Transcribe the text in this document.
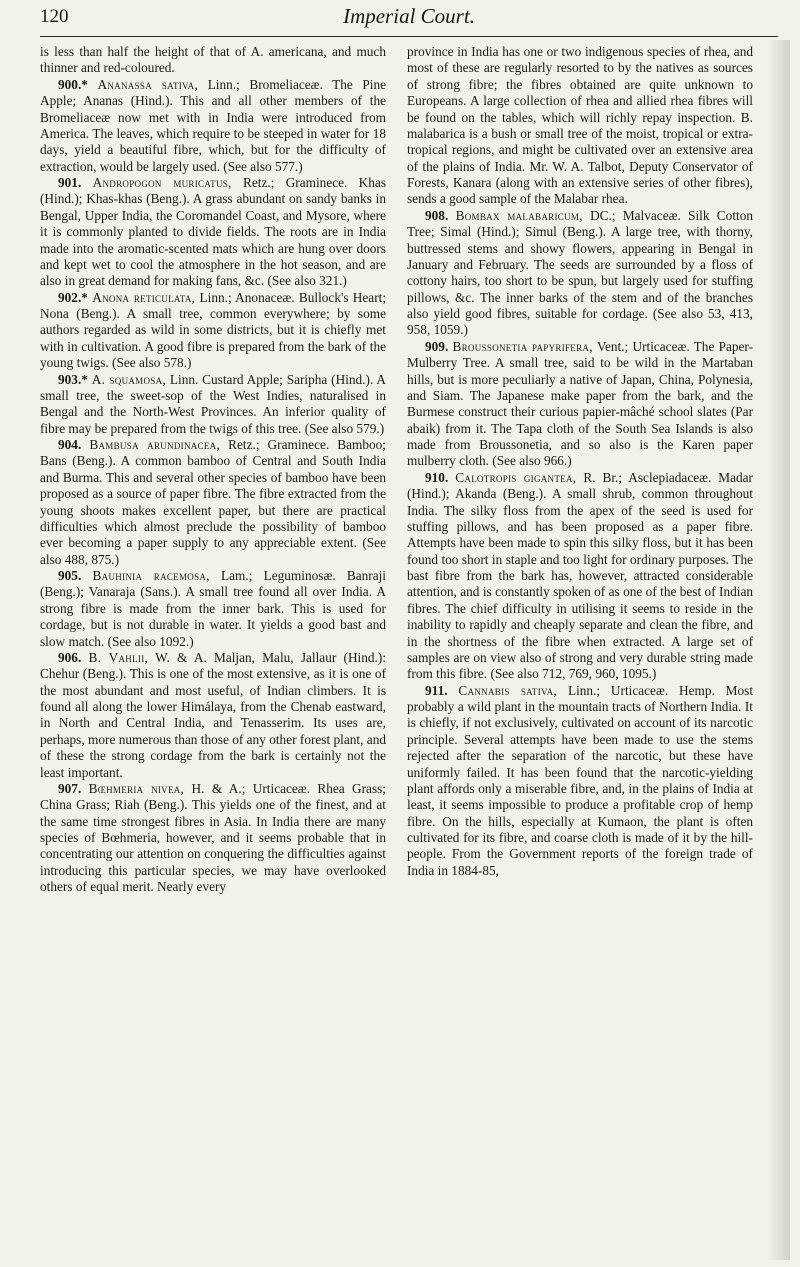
120	Imperial Court.

is less than half the height of that of A. americana, and much thinner and red-coloured.

900.* Ananassa sativa, Linn.; Bromeliaceæ. The Pine Apple; Ananas (Hind.). This and all other members of the Bromeliaceæ now met with in India were introduced from America. The leaves, which require to be steeped in water for 18 days, yield a beautiful fibre, which, but for the difficulty of extraction, would be largely used. (See also 577.)

901. Andropogon muricatus, Retz.; Graminece. Khas (Hind.); Khas-khas (Beng.). A grass abundant on sandy banks in Bengal, Upper India, the Coromandel Coast, and Mysore, where it is commonly planted to divide fields. The roots are in India made into the aromatic-scented mats which are hung over doors and kept wet to cool the atmosphere in the hot season, and are also in great demand for making fans, &c. (See also 321.)

902.* Anona reticulata, Linn.; Anonaceæ. Bullock's Heart; Nona (Beng.). A small tree, common everywhere; by some authors regarded as wild in some districts, but it is chiefly met with in cultivation. A good fibre is prepared from the bark of the young twigs. (See also 578.)

903.* A. squamosa, Linn. Custard Apple; Saripha (Hind.). A small tree, the sweet-sop of the West Indies, naturalised in Bengal and the North-West Provinces. An inferior quality of fibre may be prepared from the twigs of this tree. (See also 579.)

904. Bambusa arundinacea, Retz.; Graminece. Bamboo; Bans (Beng.). A common bamboo of Central and South India and Burma. This and several other species of bamboo have been proposed as a source of paper fibre. The fibre extracted from the young shoots makes excellent paper, but there are practical difficulties which almost preclude the possibility of bamboo ever becoming a paper supply to any appreciable extent. (See also 488, 875.)

905. Bauhinia racemosa, Lam.; Leguminosæ. Banraji (Beng.); Vanaraja (Sans.). A small tree found all over India. A strong fibre is made from the inner bark. This is used for cordage, but is not durable in water. It yields a good bast and slow match. (See also 1092.)

906. B. Vahlii, W. & A. Maljan, Malu, Jallaur (Hind.): Chehur (Beng.). This is one of the most extensive, as it is one of the most abundant and most useful, of Indian climbers. It is found all along the lower Himálaya, from the Chenab eastward, in North and Central India, and Tenasserim. Its uses are, perhaps, more numerous than those of any other forest plant, and of these the strong cordage from the bark is certainly not the least important.

907. Bœhmeria nivea, H. & A.; Urticaceæ. Rhea Grass; China Grass; Riah (Beng.). This yields one of the finest, and at the same time strongest fibres in Asia. In India there are many species of Bœhmeria, however, and it seems probable that in concentrating our attention on conquering the difficulties against introducing this particular species, we may have overlooked others of equal merit. Nearly every

province in India has one or two indigenous species of rhea, and most of these are regularly resorted to by the natives as sources of strong fibre; the fibres obtained are quite unknown to Europeans. A large collection of rhea and allied rhea fibres will be found on the tables, which will richly repay inspection. B. malabarica is a bush or small tree of the moist, tropical or extra-tropical regions, and might be cultivated over an extensive area of the plains of India. Mr. W. A. Talbot, Deputy Conservator of Forests, Kanara (along with an extensive series of other fibres), sends a good sample of the Malabar rhea.

908. Bombax malabaricum, DC.; Malvaceæ. Silk Cotton Tree; Simal (Hind.); Simul (Beng.). A large tree, with thorny, buttressed stems and showy flowers, appearing in Bengal in January and February. The seeds are surrounded by a floss of cottony hairs, too short to be spun, but largely used for stuffing pillows, &c. The inner barks of the stem and of the branches also yield good fibres, suitable for cordage. (See also 53, 413, 958, 1059.)

909. Broussonetia papyrifera, Vent.; Urticaceæ. The Paper-Mulberry Tree. A small tree, said to be wild in the Martaban hills, but is more peculiarly a native of Japan, China, Polynesia, and Siam. The Japanese make paper from the bark, and the Burmese construct their curious papier-mâché school slates (Par abaik) from it. The Tapa cloth of the South Sea Islands is also made from Broussonetia, and so also is the Karen paper mulberry cloth. (See also 966.)

910. Calotropis gigantea, R. Br.; Asclepiadaceæ. Madar (Hind.); Akanda (Beng.). A small shrub, common throughout India. The silky floss from the apex of the seed is used for stuffing pillows, and has been proposed as a paper fibre. Attempts have been made to spin this silky floss, but it has been found too short in staple and too light for ordinary purposes. The bast fibre from the bark has, however, attracted considerable attention, and is constantly spoken of as one of the best of Indian fibres. The chief difficulty in utilising it seems to reside in the inability to rapidly and cheaply separate and clean the fibre, and in the shortness of the fibre when extracted. A large set of samples are on view also of strong and very durable string made from this fibre. (See also 712, 769, 960, 1095.)

911. Cannabis sativa, Linn.; Urticaceæ. Hemp. Most probably a wild plant in the mountain tracts of Northern India. It is chiefly, if not exclusively, cultivated on account of its narcotic principle. Several attempts have been made to use the stems rejected after the separation of the narcotic, but these have uniformly failed. It has been found that the narcotic-yielding plant affords only a miserable fibre, and, in the plains of India at least, it seems impossible to produce a profitable crop of hemp fibre. On the hills, especially at Kumaon, the plant is often cultivated for its fibre, and coarse cloth is made of it by the hill-people. From the Government reports of the foreign trade of India in 1884-85,
